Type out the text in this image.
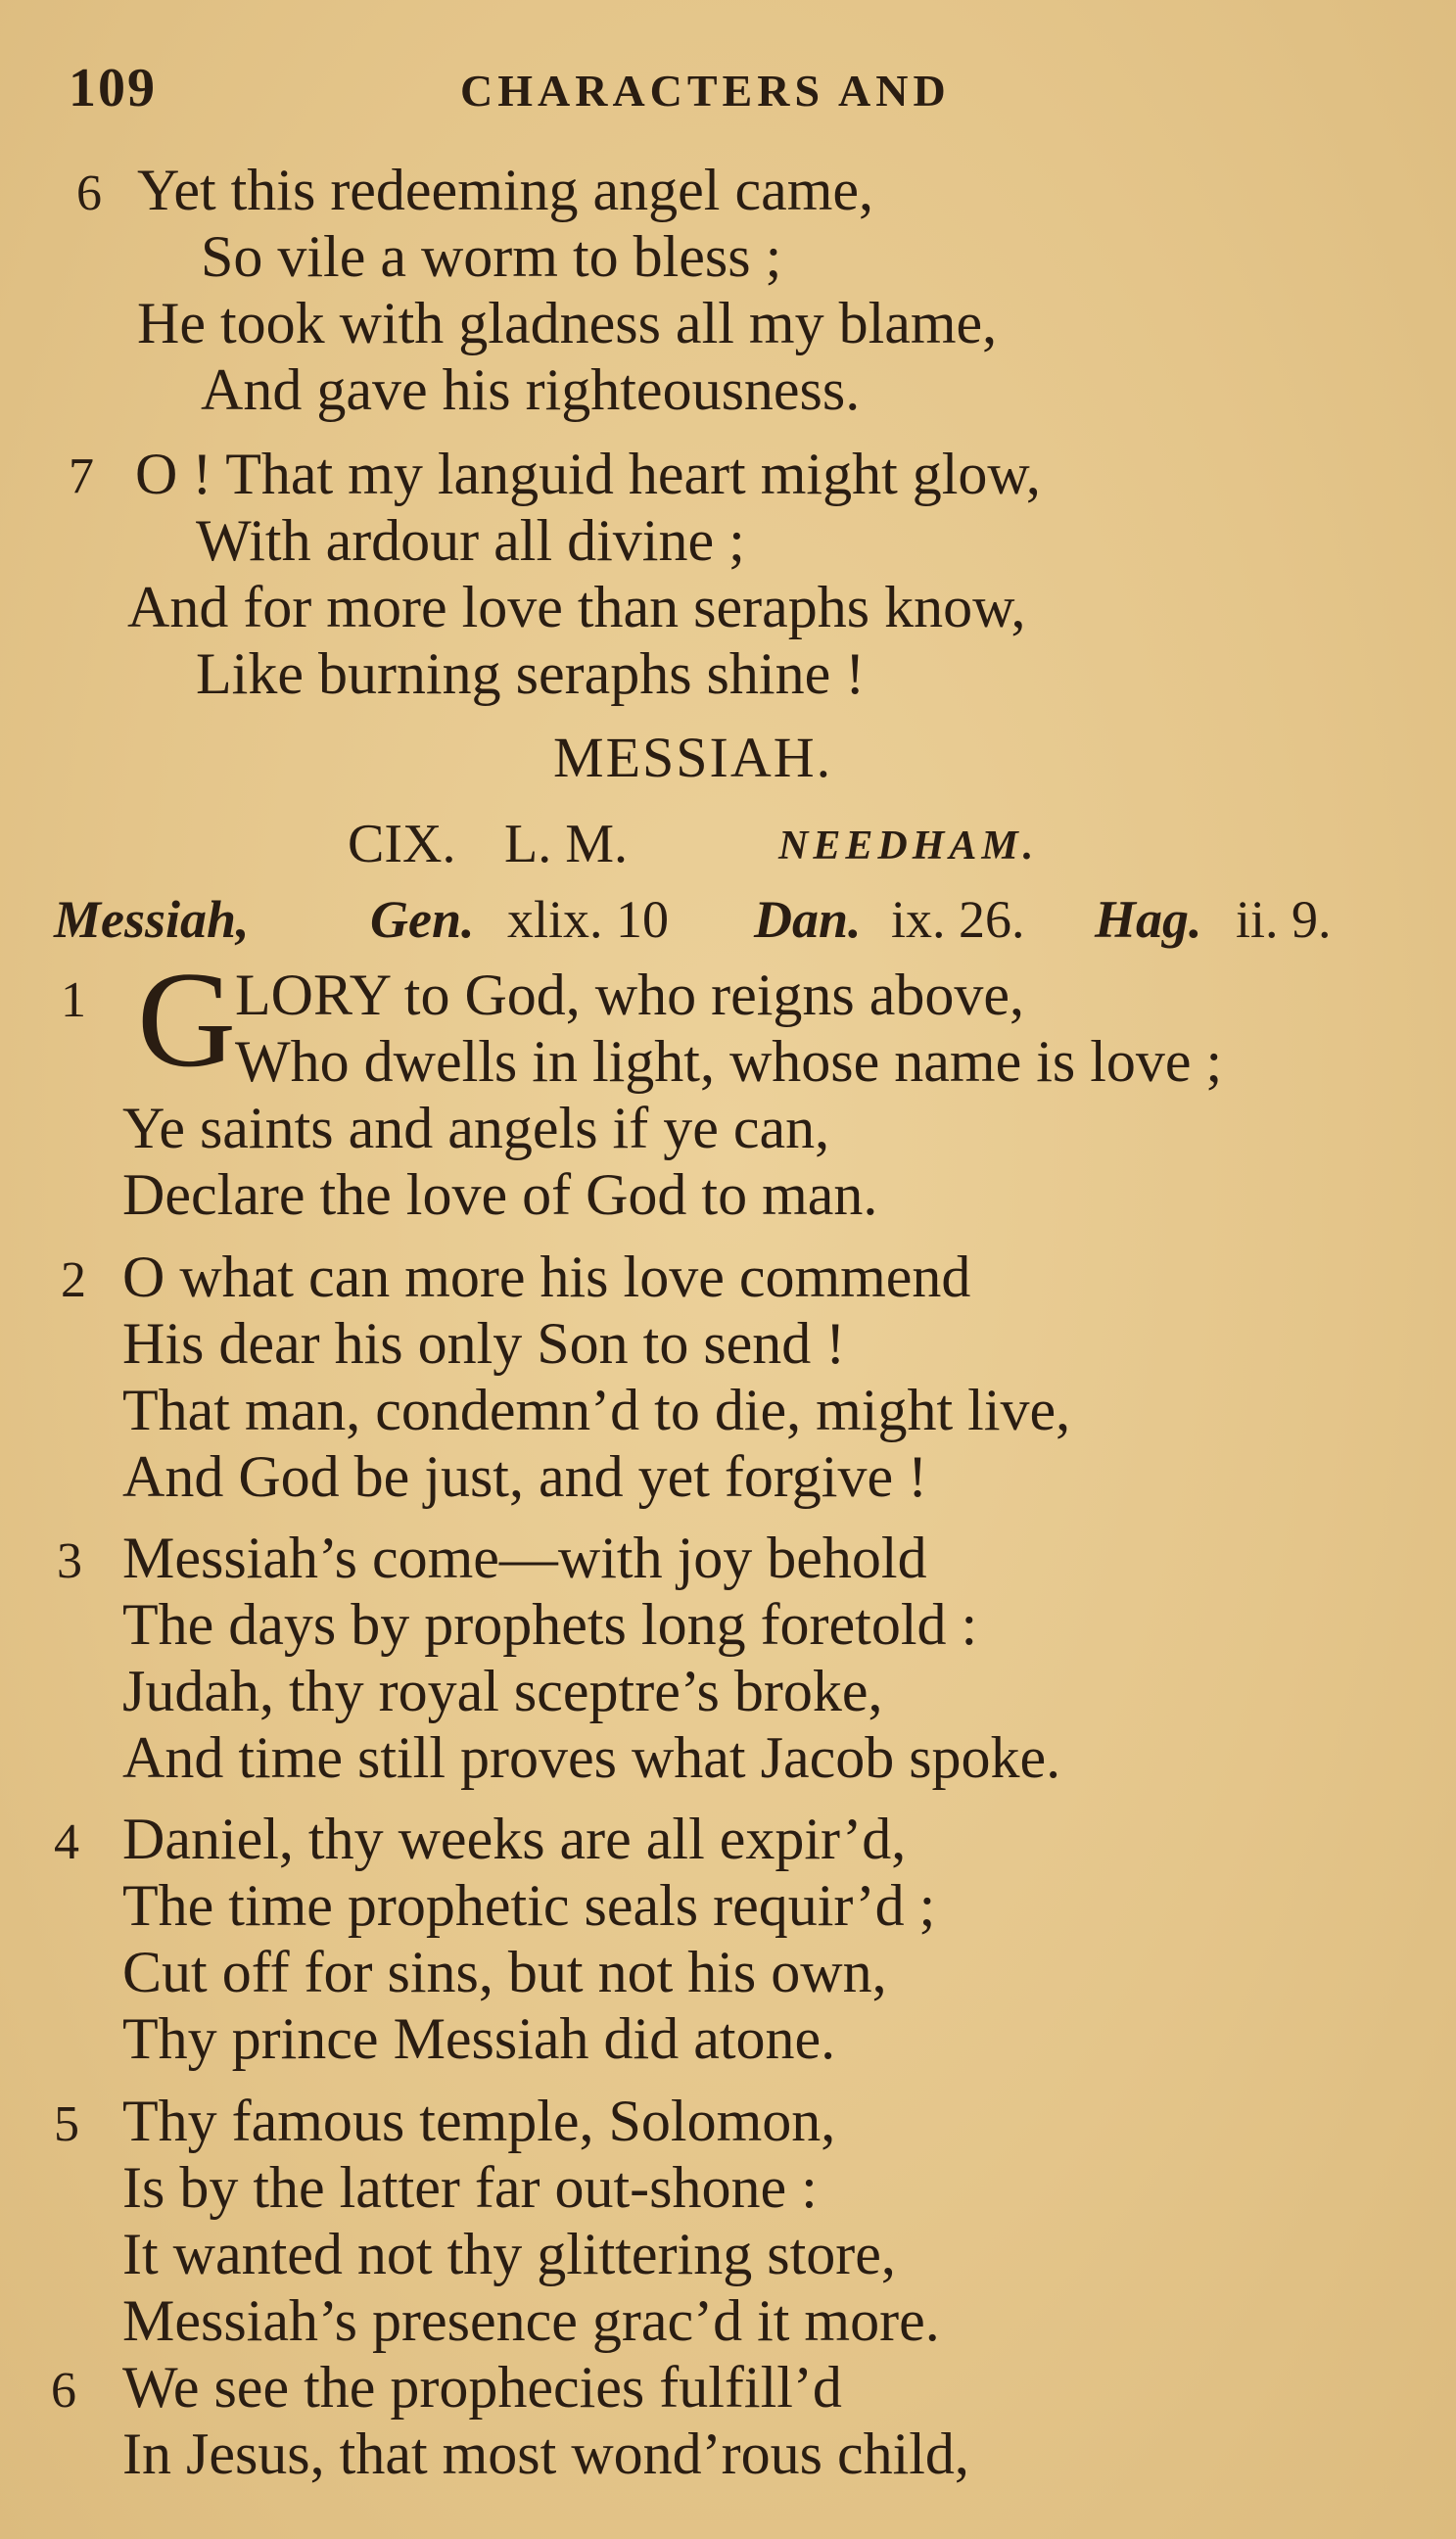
109	CHARACTERS AND
6 Yet this redeeming angel came,
So vile a worm to bless ;
He took with gladness all my blame,
And gave his righteousness.
7 O ! That my languid heart might glow,
With ardour all divine ;
And for more love than seraphs know,
Like burning seraphs shine !
MESSIAH.
CIX. L. M.	NEEDHAM.
Messiah, Gen. xlix. 10 Dan. ix. 26. Hag. ii. 9.
1 G
LORY to God, who reigns above,
Who dwells in light, whose name is love ;
Ye saints and angels if ye can,
Declare the love of God to man.
2 O what can more his love commend
His dear his only Son to send !
That man, condemn’d to die, might live,
And God be just, and yet forgive !
3 Messiah’s come—with joy behold
The days by prophets long foretold :
Judah, thy royal sceptre’s broke,
And time still proves what Jacob spoke.
4 Daniel, thy weeks are all expir’d,
The time prophetic seals requir’d ;
Cut off for sins, but not his own,
Thy prince Messiah did atone.
5 Thy famous temple, Solomon,
Is by the latter far out-shone :
It wanted not thy glittering store,
Messiah’s presence grac’d it more.
6 We see the prophecies fulfill’d
In Jesus, that most wond’rous child,
